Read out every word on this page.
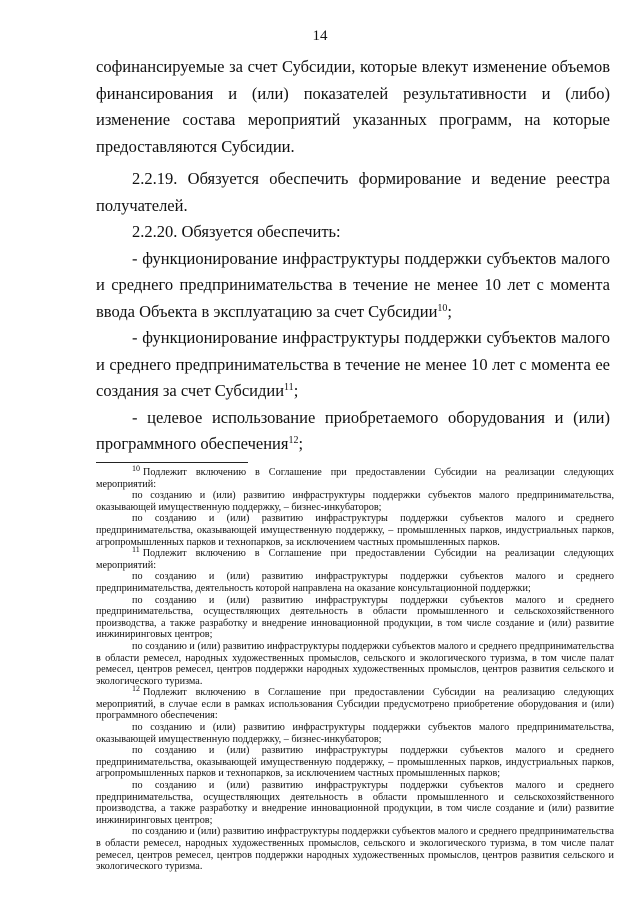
14

софинансируемые за счет Субсидии, которые влекут изменение объемов финансирования и (или) показателей результативности и (либо) изменение состава мероприятий указанных программ, на которые предоставляются Субсидии.

2.2.19. Обязуется обеспечить формирование и ведение реестра получателей.

2.2.20. Обязуется обеспечить:

- функционирование инфраструктуры поддержки субъектов малого и среднего предпринимательства в течение не менее 10 лет с момента ввода Объекта в эксплуатацию за счет Субсидии$^{10}$;

- функционирование инфраструктуры поддержки субъектов малого и среднего предпринимательства в течение не менее 10 лет с момента ее создания за счет Субсидии$^{11}$;

- целевое использование приобретаемого оборудования и (или) программного обеспечения$^{12}$;

$^{10}$ Подлежит включению в Соглашение при предоставлении Субсидии на реализации следующих мероприятий:

по созданию и (или) развитию инфраструктуры поддержки субъектов малого предпринимательства, оказывающей имущественную поддержку, – бизнес-инкубаторов;

по созданию и (или) развитию инфраструктуры поддержки субъектов малого и среднего предпринимательства, оказывающей имущественную поддержку, – промышленных парков, индустриальных парков, агропромышленных парков и технопарков, за исключением частных промышленных парков.

$^{11}$ Подлежит включению в Соглашение при предоставлении Субсидии на реализации следующих мероприятий:

по созданию и (или) развитию инфраструктуры поддержки субъектов малого и среднего предпринимательства, деятельность которой направлена на оказание консультационной поддержки;

по созданию и (или) развитию инфраструктуры поддержки субъектов малого и среднего предпринимательства, осуществляющих деятельность в области промышленного и сельскохозяйственного производства, а также разработку и внедрение инновационной продукции, в том числе создание и (или) развитие инжиниринговых центров;

по созданию и (или) развитию инфраструктуры поддержки субъектов малого и среднего предпринимательства в области ремесел, народных художественных промыслов, сельского и экологического туризма, в том числе палат ремесел, центров ремесел, центров поддержки народных художественных промыслов, центров развития сельского и экологического туризма.

$^{12}$ Подлежит включению в Соглашение при предоставлении Субсидии на реализацию следующих мероприятий, в случае если в рамках использования Субсидии предусмотрено приобретение оборудования и (или) программного обеспечения:

по созданию и (или) развитию инфраструктуры поддержки субъектов малого предпринимательства, оказывающей имущественную поддержку, – бизнес-инкубаторов;

по созданию и (или) развитию инфраструктуры поддержки субъектов малого и среднего предпринимательства, оказывающей имущественную поддержку, – промышленных парков, индустриальных парков, агропромышленных парков и технопарков, за исключением частных промышленных парков;

по созданию и (или) развитию инфраструктуры поддержки субъектов малого и среднего предпринимательства, осуществляющих деятельность в области промышленного и сельскохозяйственного производства, а также разработку и внедрение инновационной продукции, в том числе создание и (или) развитие инжиниринговых центров;

по созданию и (или) развитию инфраструктуры поддержки субъектов малого и среднего предпринимательства в области ремесел, народных художественных промыслов, сельского и экологического туризма, в том числе палат ремесел, центров ремесел, центров поддержки народных художественных промыслов, центров развития сельского и экологического туризма.
